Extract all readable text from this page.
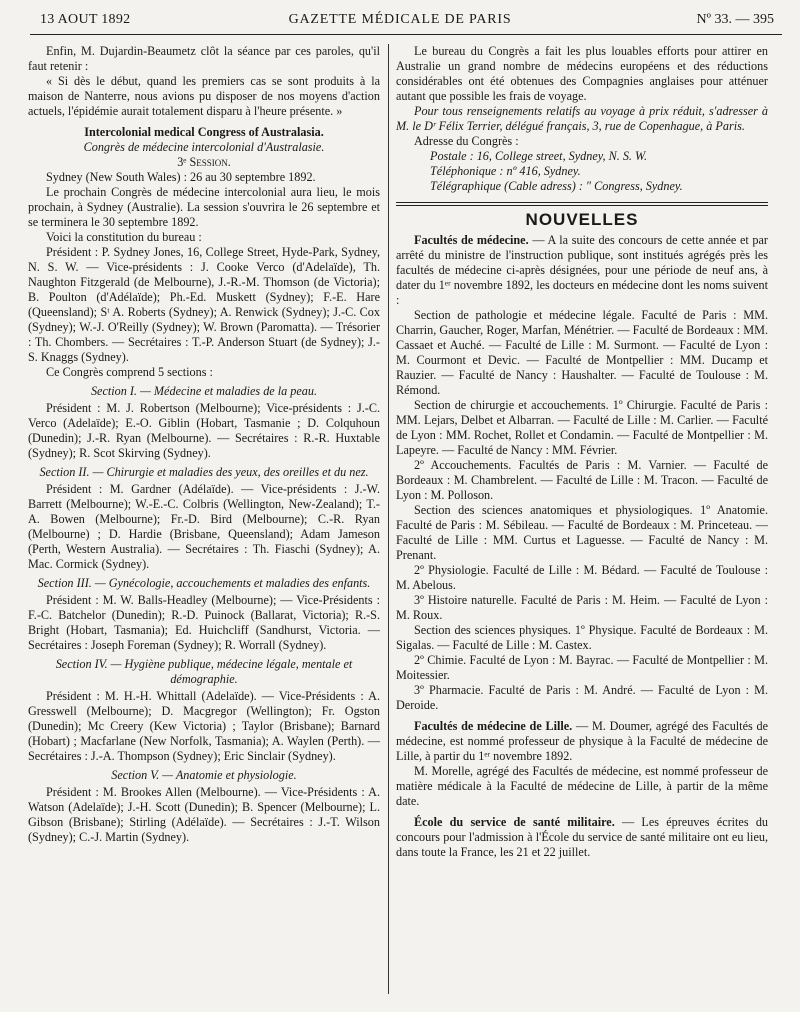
13 AOUT 1892	GAZETTE MÉDICALE DE PARIS	Nº 33. — 395

Enfin, M. Dujardin-Beaumetz clôt la séance par ces paroles, qu'il faut retenir :

« Si dès le début, quand les premiers cas se sont produits à la maison de Nanterre, nous avions pu disposer de nos moyens d'action actuels, l'épidémie aurait totalement disparu à l'heure présente. »

Intercolonial medical Congress of Australasia.

Congrès de médecine intercolonial d'Australasie.

3ᵉ Session.

Sydney (New South Wales) : 26 au 30 septembre 1892.

Le prochain Congrès de médecine intercolonial aura lieu, le mois prochain, à Sydney (Australie). La session s'ouvrira le 26 septembre et se terminera le 30 septembre 1892.

Voici la constitution du bureau :

Président : P. Sydney Jones, 16, College Street, Hyde-Park, Sydney, N. S. W. — Vice-présidents : J. Cooke Verco (d'Adelaïde), Th. Naughton Fitzgerald (de Melbourne), J.-R.-M. Thomson (de Victoria); B. Poulton (d'Adélaïde); Ph.-Ed. Muskett (Sydney); F.-E. Hare (Queensland); Sᵗ A. Roberts (Sydney); A. Renwick (Sydney); J.-C. Cox (Sydney); W.-J. O'Reilly (Sydney); W. Brown (Paromatta). — Trésorier : Th. Chombers. — Secrétaires : T.-P. Anderson Stuart (de Sydney); J.-S. Knaggs (Sydney).

Ce Congrès comprend 5 sections :

Section I. — Médecine et maladies de la peau.

Président : M. J. Robertson (Melbourne); Vice-présidents : J.-C. Verco (Adelaïde); E.-O. Giblin (Hobart, Tasmanie ; D. Colquhoun (Dunedin); J.-R. Ryan (Melbourne). — Secrétaires : R.-R. Huxtable (Sydney); R. Scot Skirving (Sydney).

Section II. — Chirurgie et maladies des yeux, des oreilles et du nez.

Président : M. Gardner (Adélaïde). — Vice-présidents : J.-W. Barrett (Melbourne); W.-E.-C. Colbris (Wellington, New-Zealand); T.-A. Bowen (Melbourne); Fr.-D. Bird (Melbourne); C.-R. Ryan (Melbourne) ; D. Hardie (Brisbane, Queensland); Adam Jameson (Perth, Western Australia). — Secrétaires : Th. Fiaschi (Sydney); A. Mac. Cormick (Sydney).

Section III. — Gynécologie, accouchements et maladies des enfants.

Président : M. W. Balls-Headley (Melbourne); — Vice-Présidents : F.-C. Batchelor (Dunedin); R.-D. Puinock (Ballarat, Victoria); R.-S. Bright (Hobart, Tasmania); Ed. Huichcliff (Sandhurst, Victoria. — Secrétaires : Joseph Foreman (Sydney); R. Worrall (Sydney).

Section IV. — Hygiène publique, médecine légale, mentale et démographie.

Président : M. H.-H. Whittall (Adelaïde). — Vice-Présidents : A. Gresswell (Melbourne); D. Macgregor (Wellington); Fr. Ogston (Dunedin); Mc Creery (Kew Victoria) ; Taylor (Brisbane); Barnard (Hobart) ; Macfarlane (New Norfolk, Tasmania); A. Waylen (Perth). — Secrétaires : J.-A. Thompson (Sydney); Eric Sinclair (Sydney).

Section V. — Anatomie et physiologie.

Président : M. Brookes Allen (Melbourne). — Vice-Présidents : A. Watson (Adelaïde); J.-H. Scott (Dunedin); B. Spencer (Melbourne); L. Gibson (Brisbane); Stirling (Adélaïde). — Secrétaires : J.-T. Wilson (Sydney); C.-J. Martin (Sydney).

Le bureau du Congrès a fait les plus louables efforts pour attirer en Australie un grand nombre de médecins européens et des réductions considérables ont été obtenues des Compagnies anglaises pour atténuer autant que possible les frais de voyage.

Pour tous renseignements relatifs au voyage à prix réduit, s'adresser à M. le Dʳ Félix Terrier, délégué français, 3, rue de Copenhague, à Paris.

Adresse du Congrès :

Postale : 16, College street, Sydney, N. S. W.

Téléphonique : nº 416, Sydney.

Télégraphique (Cable adress) : " Congress, Sydney.

NOUVELLES

Facultés de médecine. — A la suite des concours de cette année et par arrêté du ministre de l'instruction publique, sont institués agrégés près les facultés de médecine ci-après désignées, pour une période de neuf ans, à dater du 1ᵉʳ novembre 1892, les docteurs en médecine dont les noms suivent :

Section de pathologie et médecine légale. Faculté de Paris : MM. Charrin, Gaucher, Roger, Marfan, Ménétrier. — Faculté de Bordeaux : MM. Cassaet et Auché. — Faculté de Lille : M. Surmont. — Faculté de Lyon : M. Courmont et Devic. — Faculté de Montpellier : MM. Ducamp et Rauzier. — Faculté de Nancy : Haushalter. — Faculté de Toulouse : M. Rémond.

Section de chirurgie et accouchements. 1º Chirurgie. Faculté de Paris : MM. Lejars, Delbet et Albarran. — Faculté de Lille : M. Carlier. — Faculté de Lyon : MM. Rochet, Rollet et Condamin. — Faculté de Montpellier : M. Lapeyre. — Faculté de Nancy : MM. Février.

2º Accouchements. Facultés de Paris : M. Varnier. — Faculté de Bordeaux : M. Chambrelent. — Faculté de Lille : M. Tracon. — Faculté de Lyon : M. Polloson.

Section des sciences anatomiques et physiologiques. 1º Anatomie. Faculté de Paris : M. Sébileau. — Faculté de Bordeaux : M. Princeteau. — Faculté de Lille : MM. Curtus et Laguesse. — Faculté de Nancy : M. Prenant.

2º Physiologie. Faculté de Lille : M. Bédard. — Faculté de Toulouse : M. Abelous.

3º Histoire naturelle. Faculté de Paris : M. Heim. — Faculté de Lyon : M. Roux.

Section des sciences physiques. 1º Physique. Faculté de Bordeaux : M. Sigalas. — Faculté de Lille : M. Castex.

2º Chimie. Faculté de Lyon : M. Bayrac. — Faculté de Montpellier : M. Moitessier.

3º Pharmacie. Faculté de Paris : M. André. — Faculté de Lyon : M. Deroide.

Facultés de médecine de Lille. — M. Doumer, agrégé des Facultés de médecine, est nommé professeur de physique à la Faculté de médecine de Lille, à partir du 1ᵉʳ novembre 1892.

M. Morelle, agrégé des Facultés de médecine, est nommé professeur de matière médicale à la Faculté de médecine de Lille, à partir de la même date.

École du service de santé militaire. — Les épreuves écrites du concours pour l'admission à l'École du service de santé militaire ont eu lieu, dans toute la France, les 21 et 22 juillet.
